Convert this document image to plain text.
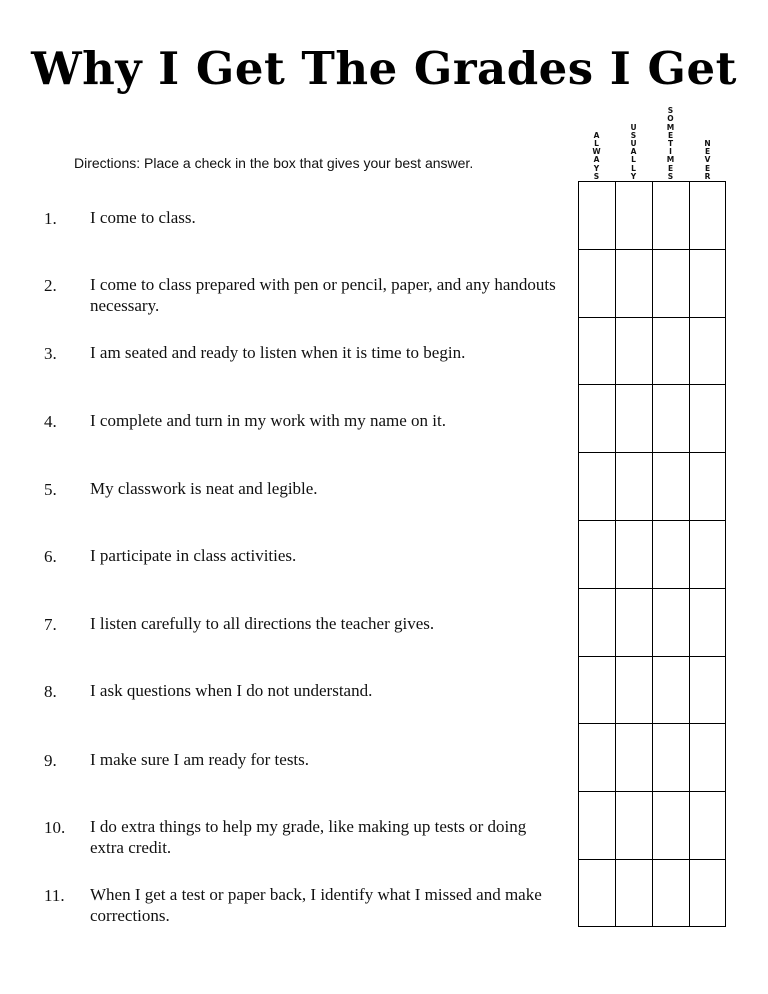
Why I Get The Grades I Get
Directions: Place a check in the box that gives your best answer.
A
L
W
A
Y
S
U
S
U
A
L
L
Y
S
O
M
E
T
I
M
E
S
N
E
V
E
R
1. I come to class.
2. I come to class prepared with pen or pencil, paper, and any handouts necessary.
3. I am seated and ready to listen when it is time to begin.
4. I complete and turn in my work with my name on it.
5. My classwork is neat and legible.
6. I participate in class activities.
7. I listen carefully to all directions the teacher gives.
8. I ask questions when I do not understand.
9. I make sure I am ready for tests.
10. I do extra things to help my grade, like making up tests or doing extra credit.
11. When I get a test or paper back, I identify what I missed and make corrections.
